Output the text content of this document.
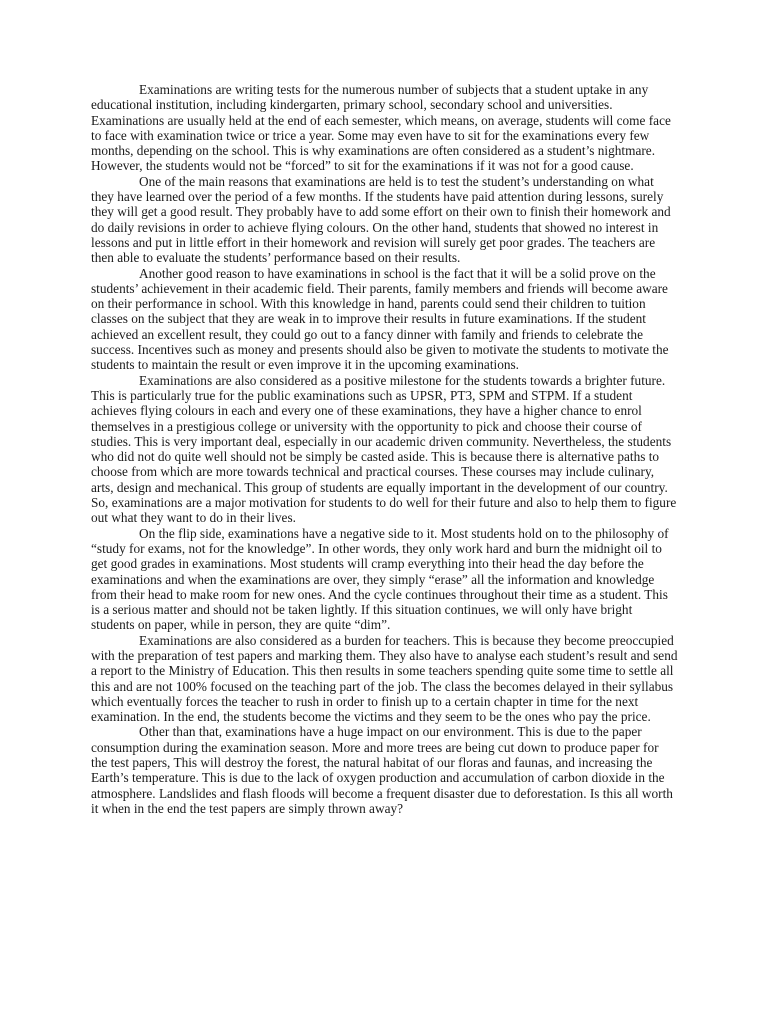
Examinations are writing tests for the numerous number of subjects that a student uptake in any educational institution, including kindergarten, primary school, secondary school and universities. Examinations are usually held at the end of each semester, which means, on average, students will come face to face with examination twice or trice a year. Some may even have to sit for the examinations every few months, depending on the school. This is why examinations are often considered as a student’s nightmare. However, the students would not be “forced” to sit for the examinations if it was not for a good cause.

One of the main reasons that examinations are held is to test the student’s understanding on what they have learned over the period of a few months. If the students have paid attention during lessons, surely they will get a good result. They probably have to add some effort on their own to finish their homework and do daily revisions in order to achieve flying colours. On the other hand, students that showed no interest in lessons and put in little effort in their homework and revision will surely get poor grades. The teachers are then able to evaluate the students’ performance based on their results.

Another good reason to have examinations in school is the fact that it will be a solid prove on the students’ achievement in their academic field. Their parents, family members and friends will become aware on their performance in school. With this knowledge in hand, parents could send their children to tuition classes on the subject that they are weak in to improve their results in future examinations. If the student achieved an excellent result, they could go out to a fancy dinner with family and friends to celebrate the success. Incentives such as money and presents should also be given to motivate the students to motivate the students to maintain the result or even improve it in the upcoming examinations.

Examinations are also considered as a positive milestone for the students towards a brighter future. This is particularly true for the public examinations such as UPSR, PT3, SPM and STPM. If a student achieves flying colours in each and every one of these examinations, they have a higher chance to enrol themselves in a prestigious college or university with the opportunity to pick and choose their course of studies. This is very important deal, especially in our academic driven community. Nevertheless, the students who did not do quite well should not be simply be casted aside. This is because there is alternative paths to choose from which are more towards technical and practical courses. These courses may include culinary, arts, design and mechanical. This group of students are equally important in the development of our country. So, examinations are a major motivation for students to do well for their future and also to help them to figure out what they want to do in their lives.

On the flip side, examinations have a negative side to it. Most students hold on to the philosophy of “study for exams, not for the knowledge”. In other words, they only work hard and burn the midnight oil to get good grades in examinations. Most students will cramp everything into their head the day before the examinations and when the examinations are over, they simply “erase” all the information and knowledge from their head to make room for new ones. And the cycle continues throughout their time as a student. This is a serious matter and should not be taken lightly. If this situation continues, we will only have bright students on paper, while in person, they are quite “dim”.

Examinations are also considered as a burden for teachers. This is because they become preoccupied with the preparation of test papers and marking them. They also have to analyse each student’s result and send a report to the Ministry of Education. This then results in some teachers spending quite some time to settle all this and are not 100% focused on the teaching part of the job. The class the becomes delayed in their syllabus which eventually forces the teacher to rush in order to finish up to a certain chapter in time for the next examination. In the end, the students become the victims and they seem to be the ones who pay the price.

Other than that, examinations have a huge impact on our environment. This is due to the paper consumption during the examination season. More and more trees are being cut down to produce paper for the test papers, This will destroy the forest, the natural habitat of our floras and faunas, and increasing the Earth’s temperature. This is due to the lack of oxygen production and accumulation of carbon dioxide in the atmosphere. Landslides and flash floods will become a frequent disaster due to deforestation. Is this all worth it when in the end the test papers are simply thrown away?
